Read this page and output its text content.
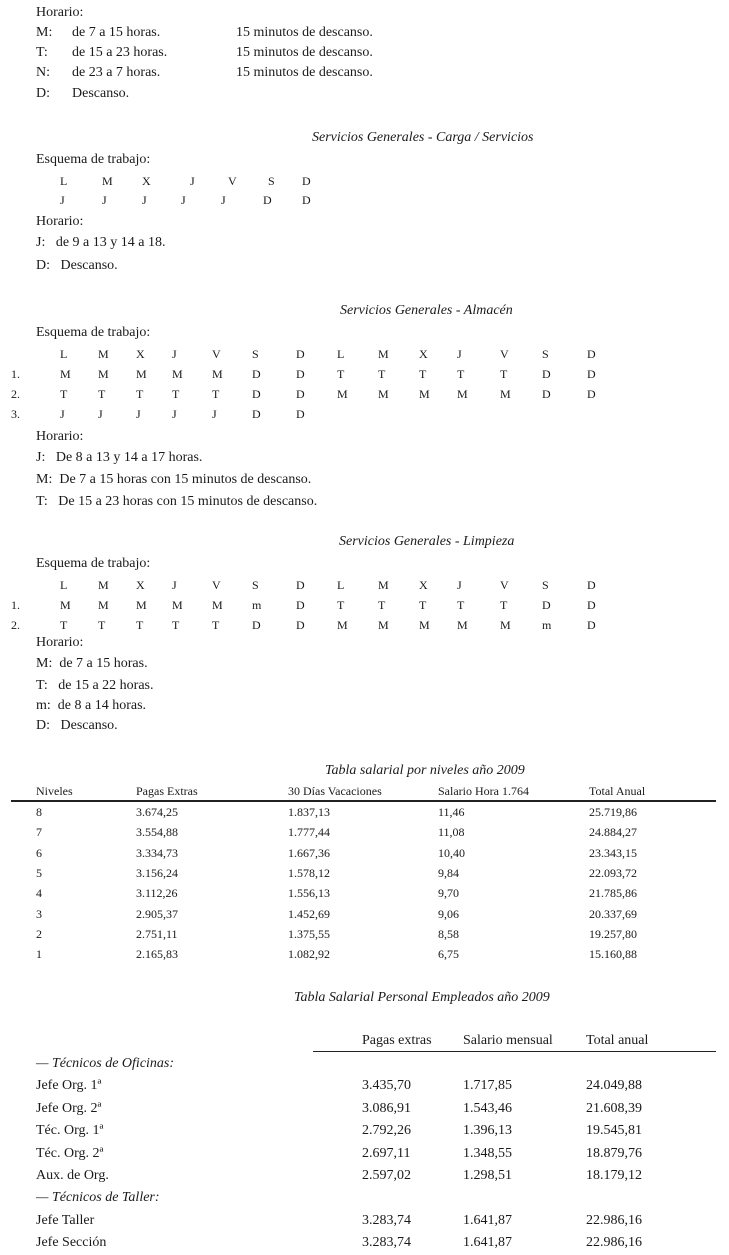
Horario:
M: de 7 a 15 horas.	15 minutos de descanso.
T: de 15 a 23 horas.	15 minutos de descanso.
N: de 23 a 7 horas.	15 minutos de descanso.
D: Descanso.
Servicios Generales - Carga / Servicios
Esquema de trabajo:
L	M X	J	V	S D
J	J	J	J	J	D	D
Horario:
J:   de 9 a 13 y 14 a 18.
D:   Descanso.
Servicios Generales - Almacén
Esquema de trabajo:
L	M X J	V	S	D	L	M	X J	V	S	D
1.	M M M M M D	D	T	T	T	T	T	D	D
2.	T	T	T T	T	D	D	M	M	M M	M	D	D
3.	J	J	J	J	J	D	D
Horario:
J:   De 8 a 13 y 14 a 17 horas.
M:  De 7 a 15 horas con 15 minutos de descanso.
T:   De 15 a 23 horas con 15 minutos de descanso.
Servicios Generales - Limpieza
Esquema de trabajo:
L	M X J	V	S	D	L	M	X J	V	S	D
1.	M M M M M m	D	T	T	T	T	T	D	D
2.	T	T	T T	T	D	D	M	M	M M	M	m	D
Horario:
M:  de 7 a 15 horas.
T:   de 15 a 22 horas.
m:  de 8 a 14 horas.
D:   Descanso.
Tabla salarial por niveles año 2009
Niveles	Pagas Extras	30 Días Vacaciones	Salario Hora 1.764	Total Anual
8	3.674,25	1.837,13	11,46	25.719,86
7	3.554,88	1.777,44	11,08	24.884,27
6	3.334,73	1.667,36	10,40	23.343,15
5	3.156,24	1.578,12	9,84	22.093,72
4	3.112,26	1.556,13	9,70	21.785,86
3	2.905,37	1.452,69	9,06	20.337,69
2	2.751,11	1.375,55	8,58	19.257,80
1	2.165,83	1.082,92	6,75	15.160,88
Tabla Salarial Personal Empleados año 2009
Pagas extras Salario mensual Total anual
— Técnicos de Oficinas:
Jefe Org. 1ª	3.435,70	1.717,85	24.049,88
Jefe Org. 2ª	3.086,91	1.543,46	21.608,39
Téc. Org. 1ª	2.792,26	1.396,13	19.545,81
Téc. Org. 2ª	2.697,11	1.348,55	18.879,76
Aux. de Org.	2.597,02	1.298,51	18.179,12
— Técnicos de Taller:
Jefe Taller	3.283,74	1.641,87	22.986,16
Jefe Sección	3.283,74	1.641,87	22.986,16
